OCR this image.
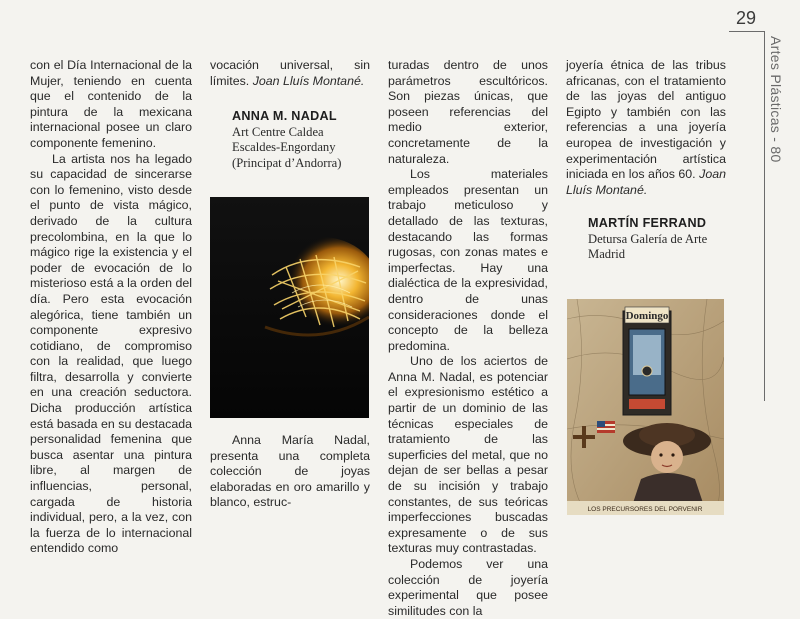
29
Artes Plásticas - 80

con el Día Internacional de la Mujer, teniendo en cuenta que el contenido de la pintura de la mexicana internacional posee un claro componente femenino.

La artista nos ha legado su capacidad de sincerarse con lo femenino, visto desde el punto de vista mágico, derivado de la cultura precolombina, en la que lo mágico rige la existencia y el poder de evocación de lo misterioso está a la orden del día. Pero esta evocación alegórica, tiene también un componente expresivo cotidiano, de compromiso con la realidad, que luego filtra, desarrolla y convierte en una creación seductora. Dicha producción artística está basada en su destacada personalidad femenina que busca asentar una pintura libre, al margen de influencias, personal, cargada de historia individual, pero, a la vez, con la fuerza de lo internacional entendido como

vocación universal, sin límites. Joan Lluís Montané.

ANNA M. NADAL
Art Centre Caldea
Escaldes-Engordany
(Principat d’Andorra)

Anna María Nadal, presenta una completa colección de joyas elaboradas en oro amarillo y blanco, estruc-

turadas dentro de unos parámetros escultóricos. Son piezas únicas, que poseen referencias del medio exterior, concretamente de la naturaleza.

Los materiales empleados presentan un trabajo meticuloso y detallado de las texturas, destacando las formas rugosas, con zonas mates e imperfectas. Hay una dialéctica de la expresividad, dentro de unas consideraciones donde el concepto de la belleza predomina.

Uno de los aciertos de Anna M. Nadal, es potenciar el expresionismo estético a partir de un dominio de las técnicas especiales de tratamiento de las superficies del metal, que no dejan de ser bellas a pesar de su incisión y trabajo constantes, de sus teóricas imperfecciones buscadas expresamente o de sus texturas muy contrastadas.

Podemos ver una colección de joyería experimental que posee similitudes con la

joyería étnica de las tribus africanas, con el tratamiento de las joyas del antiguo Egipto y también con las referencias a una joyería europea de investigación y experimentación artística iniciada en los años 60. Joan Lluís Montané.

MARTÍN FERRAND
Detursa Galería de Arte
Madrid
Domingo
LOS PRECURSORES DEL PORVENIR
